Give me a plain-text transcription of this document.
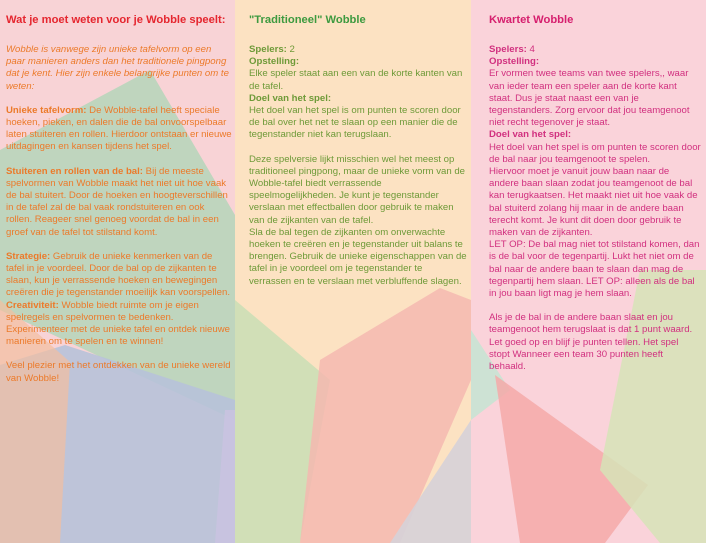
Wat je moet weten voor je Wobble speelt:

Wobble is vanwege zijn unieke tafelvorm op een paar manieren anders dan het traditionele pingpong dat je kent. Hier zijn enkele belangrijke punten om te weten:

Unieke tafelvorm: De Wobble-tafel heeft speciale hoeken, pieken, en dalen die de bal onvoorspelbaar laten stuiteren en rollen. Hierdoor ontstaan er nieuwe uitdagingen en kansen tijdens het spel.

Stuiteren en rollen van de bal: Bij de meeste spelvormen van Wobble maakt het niet uit hoe vaak de bal stuitert. Door de hoeken en hoogteverschillen in de tafel zal de bal vaak rondstuiteren en ook rollen. Reageer snel genoeg voordat de bal in een groef van de tafel tot stilstand komt.

Strategie: Gebruik de unieke kenmerken van de tafel in je voordeel. Door de bal op de zijkanten te slaan, kun je verrassende hoeken en bewegingen creëren die je tegenstander moeilijk kan voorspellen.

Creativiteit: Wobble biedt ruimte om je eigen spelregels en spelvormen te bedenken. Experimenteer met de unieke tafel en ontdek nieuwe manieren om te spelen en te winnen!

Veel plezier met het ontdekken van de unieke wereld van Wobble!

"Traditioneel" Wobble

Spelers: 2

Opstelling:

Elke speler staat aan een van de korte kanten van de tafel.

Doel van het spel:

Het doel van het spel is om punten te scoren door de bal over het net te slaan op een manier die de tegenstander niet kan terugslaan.

Deze spelversie lijkt misschien wel het meest op traditioneel pingpong, maar de unieke vorm van de Wobble-tafel biedt verrassende speelmogelijkheden. Je kunt je tegenstander verslaan met effectballen door gebruik te maken van de zijkanten van de tafel.
Sla de bal tegen de zijkanten om onverwachte hoeken te creëren en je tegenstander uit balans te brengen. Gebruik de unieke eigenschappen van de tafel in je voordeel om je tegenstander te verrassen en te verslaan met verbluffende slagen.

Kwartet Wobble

Spelers: 4

Opstelling:

Er vormen twee teams van twee spelers,, waar van ieder team een speler aan de korte kant staat. Dus je staat naast een van je tegenstanders. Zorg ervoor dat jou teamgenoot niet recht tegenover je staat.

Doel van het spel:

Het doel van het spel is om punten te scoren door de bal naar jou teamgenoot te spelen.
Hiervoor moet je vanuit jouw baan naar de andere baan slaan zodat jou teamgenoot de bal kan terugkaatsen. Het maakt niet uit hoe vaak de bal stuiterd zolang hij maar in de andere baan terecht komt. Je kunt dit doen door gebruik te maken van de zijkanten.
LET OP: De bal mag niet tot stilstand komen, dan is de bal voor de tegenpartij. Lukt het niet om de bal naar de andere baan te slaan dan mag de tegenpartij hem slaan. LET OP: alleen als de bal in jou baan ligt mag je hem slaan.

Als je de bal in de andere baan slaat en jou teamgenoot hem terugslaat is dat 1 punt waard. Let goed op en blijf je punten tellen. Het spel stopt Wanneer een team 30 punten heeft behaald.
